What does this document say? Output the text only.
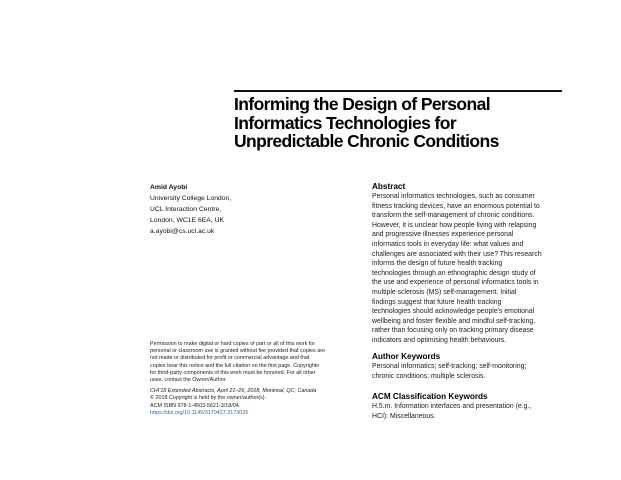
Informing the Design of Personal
Informatics Technologies for
Unpredictable Chronic Conditions
Amid Ayobi
University College London,
UCL Interaction Centre,
London, WC1E 6EA, UK
a.ayobi@cs.ucl.ac.uk
Permission to make digital or hard copies of part or all of this work for
personal or classroom use is granted without fee provided that copies are
not made or distributed for profit or commercial advantage and that
copies bear this notice and the full citation on the first page. Copyrights
for third-party components of this work must be honored. For all other
uses, contact the Owner/Author.
CHI'18 Extended Abstracts, April 21–26, 2018, Montreal, QC, Canada
© 2018 Copyright is held by the owner/author(s).
ACM ISBN 978-1-4503-5621-3/18/04.
https://doi.org/10.1145/3170427.3173025
Abstract
Personal informatics technologies, such as consumer
fitness tracking devices, have an enormous potential to
transform the self-management of chronic conditions.
However, it is unclear how people living with relapsing
and progressive illnesses experience personal
informatics tools in everyday life: what values and
challenges are associated with their use? This research
informs the design of future health tracking
technologies through an ethnographic design study of
the use and experience of personal informatics tools in
multiple sclerosis (MS) self-management. Initial
findings suggest that future health tracking
technologies should acknowledge people's emotional
wellbeing and foster flexible and mindful self-tracking,
rather than focusing only on tracking primary disease
indicators and optimising health behaviours.
Author Keywords
Personal informatics; self-tracking; self-monitoring;
chronic conditions; multiple sclerosis.
ACM Classification Keywords
H.5.m. Information interfaces and presentation (e.g.,
HCI): Miscellaneous.
